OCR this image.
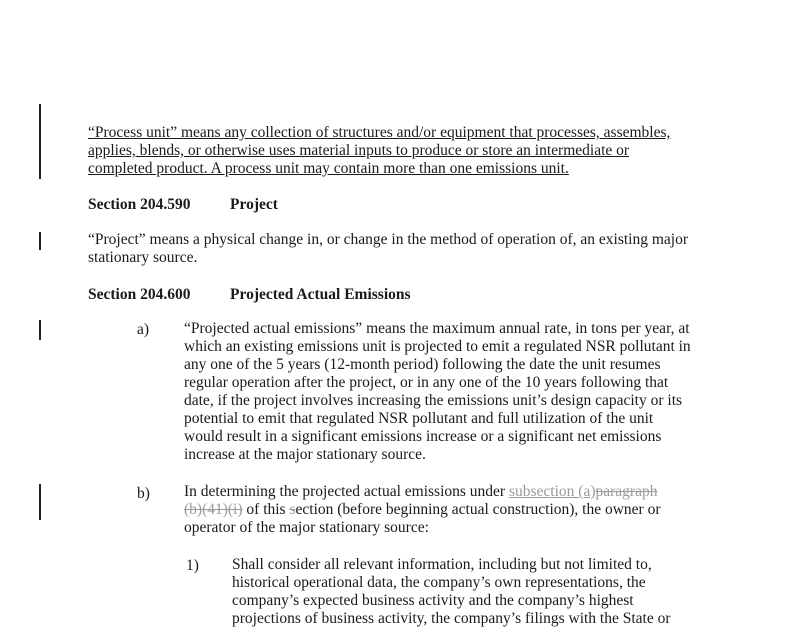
“Process unit” means any collection of structures and/or equipment that processes, assembles,
applies, blends, or otherwise uses material inputs to produce or store an intermediate or
completed product. A process unit may contain more than one emissions unit.
Section 204.590	Project
“Project” means a physical change in, or change in the method of operation of, an existing major
stationary source.
Section 204.600	Projected Actual Emissions
a) “Projected actual emissions” means the maximum annual rate, in tons per year, at
which an existing emissions unit is projected to emit a regulated NSR pollutant in
any one of the 5 years (12-month period) following the date the unit resumes
regular operation after the project, or in any one of the 10 years following that
date, if the project involves increasing the emissions unit’s design capacity or its
potential to emit that regulated NSR pollutant and full utilization of the unit
would result in a significant emissions increase or a significant net emissions
increase at the major stationary source.
b) In determining the projected actual emissions under subsection (a)paragraph
(b)(41)(i) of this section (before beginning actual construction), the owner or
operator of the major stationary source:
1) Shall consider all relevant information, including but not limited to,
historical operational data, the company’s own representations, the
company’s expected business activity and the company’s highest
projections of business activity, the company’s filings with the State or
